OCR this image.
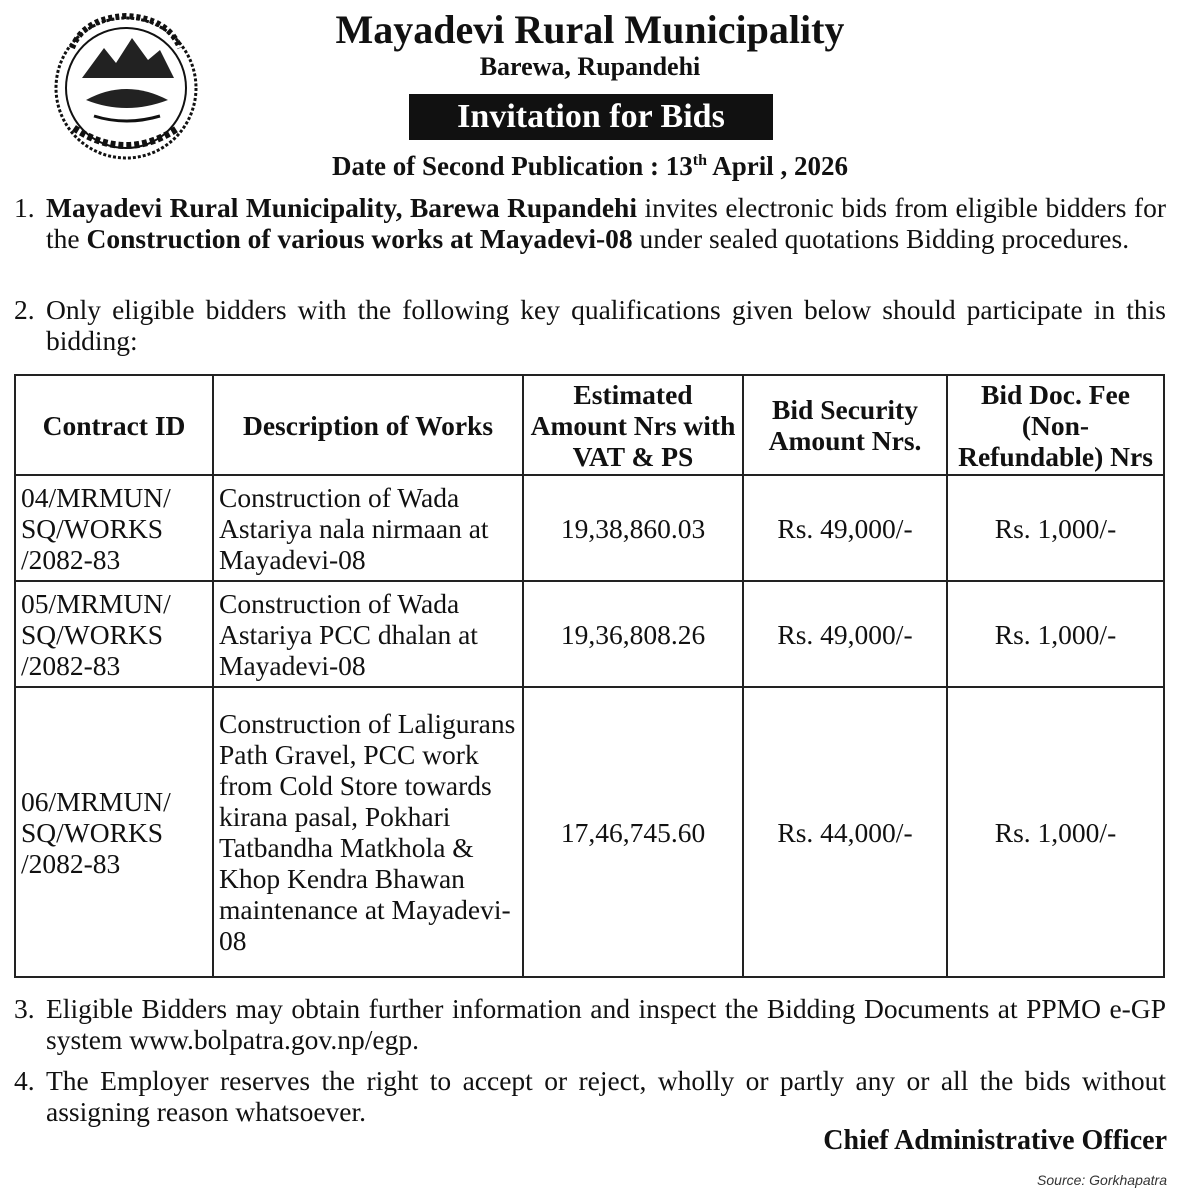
Mayadevi Rural Municipality
Barewa, Rupandehi
Invitation for Bids
Date of Second Publication : 13th April , 2026
1. Mayadevi Rural Municipality, Barewa Rupandehi invites electronic bids from eligible bidders for the Construction of various works at Mayadevi-08 under sealed quotations Bidding procedures.
2. Only eligible bidders with the following key qualifications given below should participate in this bidding:
Contract ID	Description of Works	Estimated Amount Nrs with VAT & PS	Bid Security Amount Nrs.	Bid Doc. Fee (Non-Refundable) Nrs
04/MRMUN/ SQ/WORKS /2082-83	Construction of Wada Astariya nala nirmaan at Mayadevi-08	19,38,860.03	Rs. 49,000/-	Rs. 1,000/-
05/MRMUN/ SQ/WORKS /2082-83	Construction of Wada Astariya PCC dhalan at Mayadevi-08	19,36,808.26	Rs. 49,000/-	Rs. 1,000/-
06/MRMUN/ SQ/WORKS /2082-83	Construction of Laligurans Path Gravel, PCC work from Cold Store towards kirana pasal, Pokhari Tatbandha Matkhola & Khop Kendra Bhawan maintenance at Mayadevi-08	17,46,745.60	Rs. 44,000/-	Rs. 1,000/-
3. Eligible Bidders may obtain further information and inspect the Bidding Documents at PPMO e-GP system www.bolpatra.gov.np/egp.
4. The Employer reserves the right to accept or reject, wholly or partly any or all the bids without assigning reason whatsoever.
Chief Administrative Officer
Source: Gorkhapatra
